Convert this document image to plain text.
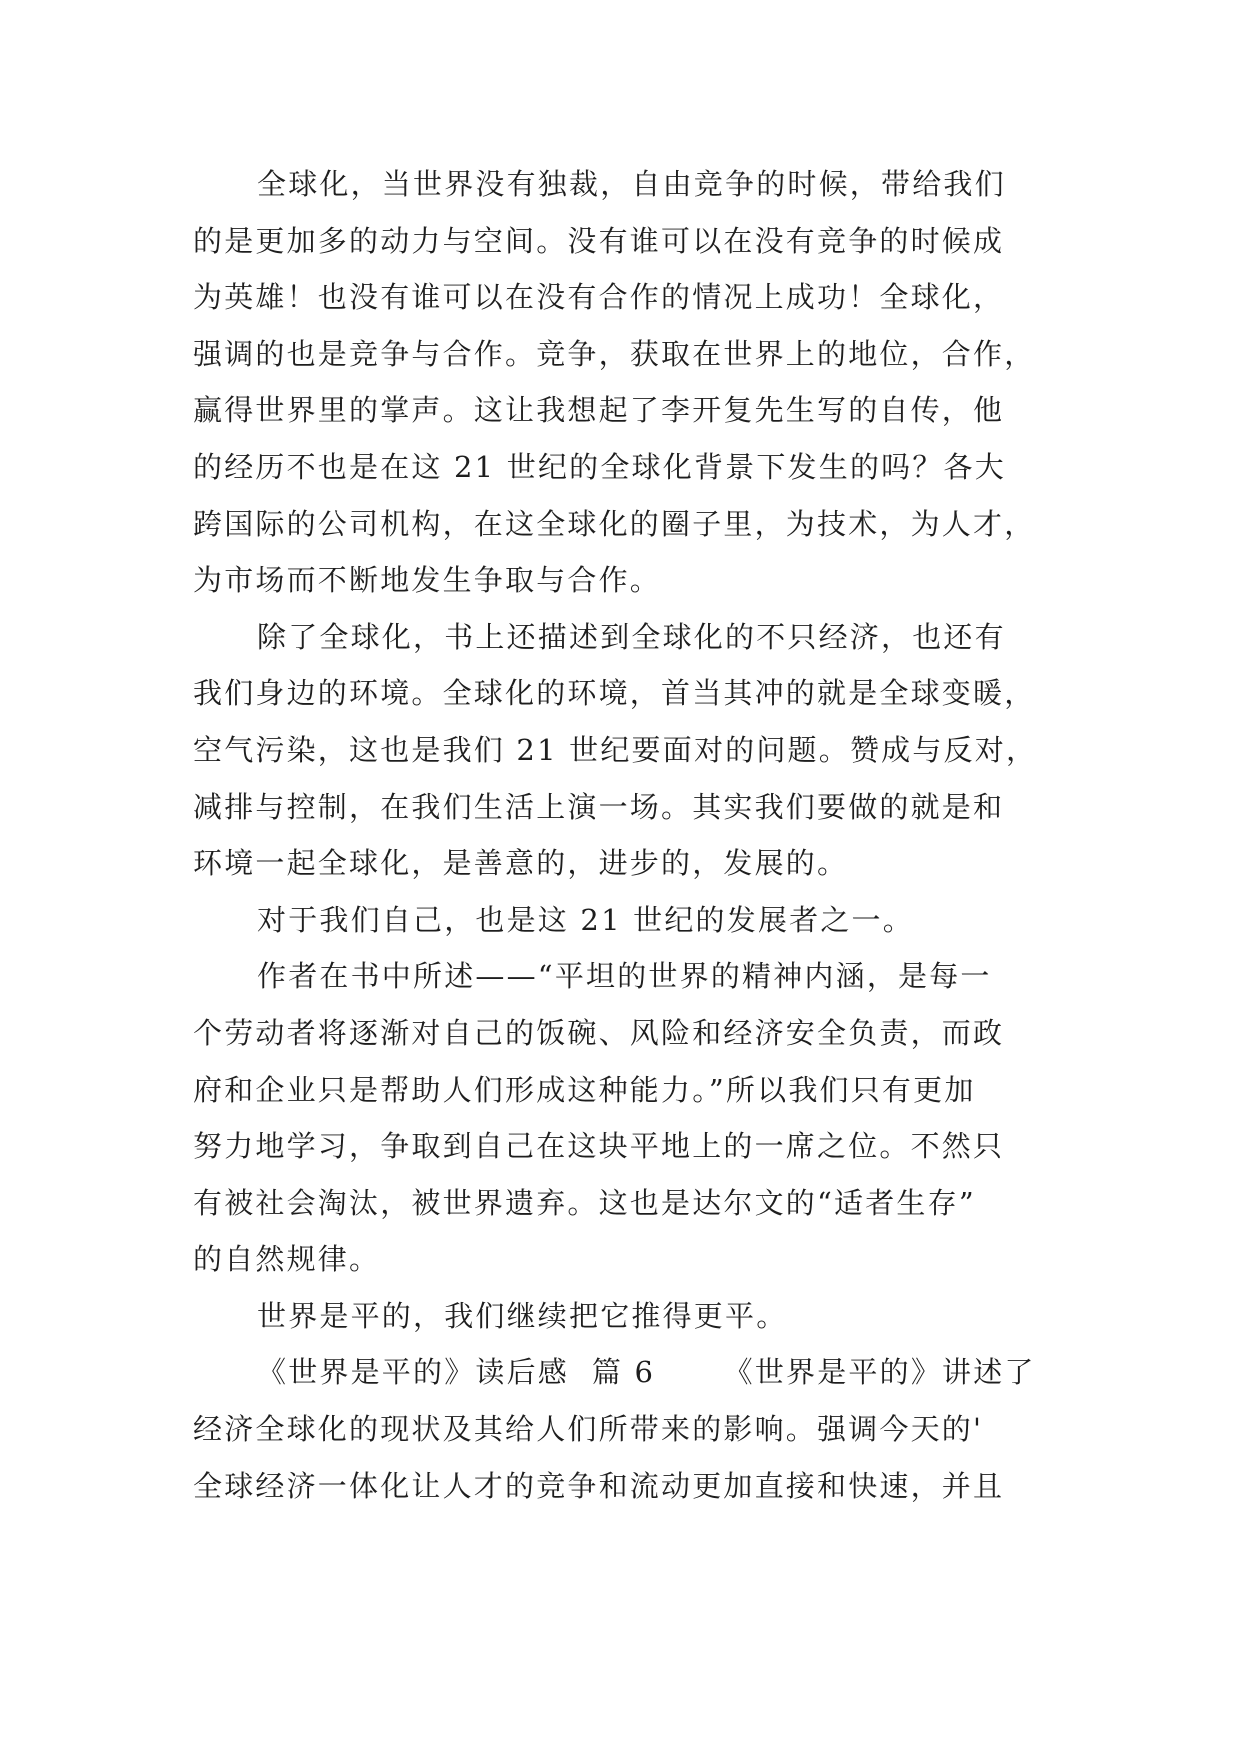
全球化，当世界没有独裁，自由竞争的时候，带给我们
的是更加多的动力与空间。没有谁可以在没有竞争的时候成
为英雄！也没有谁可以在没有合作的情况上成功！全球化，
强调的也是竞争与合作。竞争，获取在世界上的地位，合作，
赢得世界里的掌声。这让我想起了李开复先生写的自传，他
的经历不也是在这 21 世纪的全球化背景下发生的吗？各大
跨国际的公司机构，在这全球化的圈子里，为技术，为人才，
为市场而不断地发生争取与合作。
除了全球化，书上还描述到全球化的不只经济，也还有
我们身边的环境。全球化的环境，首当其冲的就是全球变暖，
空气污染，这也是我们 21 世纪要面对的问题。赞成与反对，
减排与控制，在我们生活上演一场。其实我们要做的就是和
环境一起全球化，是善意的，进步的，发展的。
对于我们自己，也是这 21 世纪的发展者之一。
作者在书中所述——“平坦的世界的精神内涵，是每一
个劳动者将逐渐对自己的饭碗、风险和经济安全负责，而政
府和企业只是帮助人们形成这种能力。”所以我们只有更加
努力地学习，争取到自己在这块平地上的一席之位。不然只
有被社会淘汰，被世界遗弃。这也是达尔文的“适者生存”
的自然规律。
世界是平的，我们继续把它推得更平。
《世界是平的》读后感  篇 6      《世界是平的》讲述了
经济全球化的现状及其给人们所带来的影响。强调今天的'
全球经济一体化让人才的竞争和流动更加直接和快速，并且
